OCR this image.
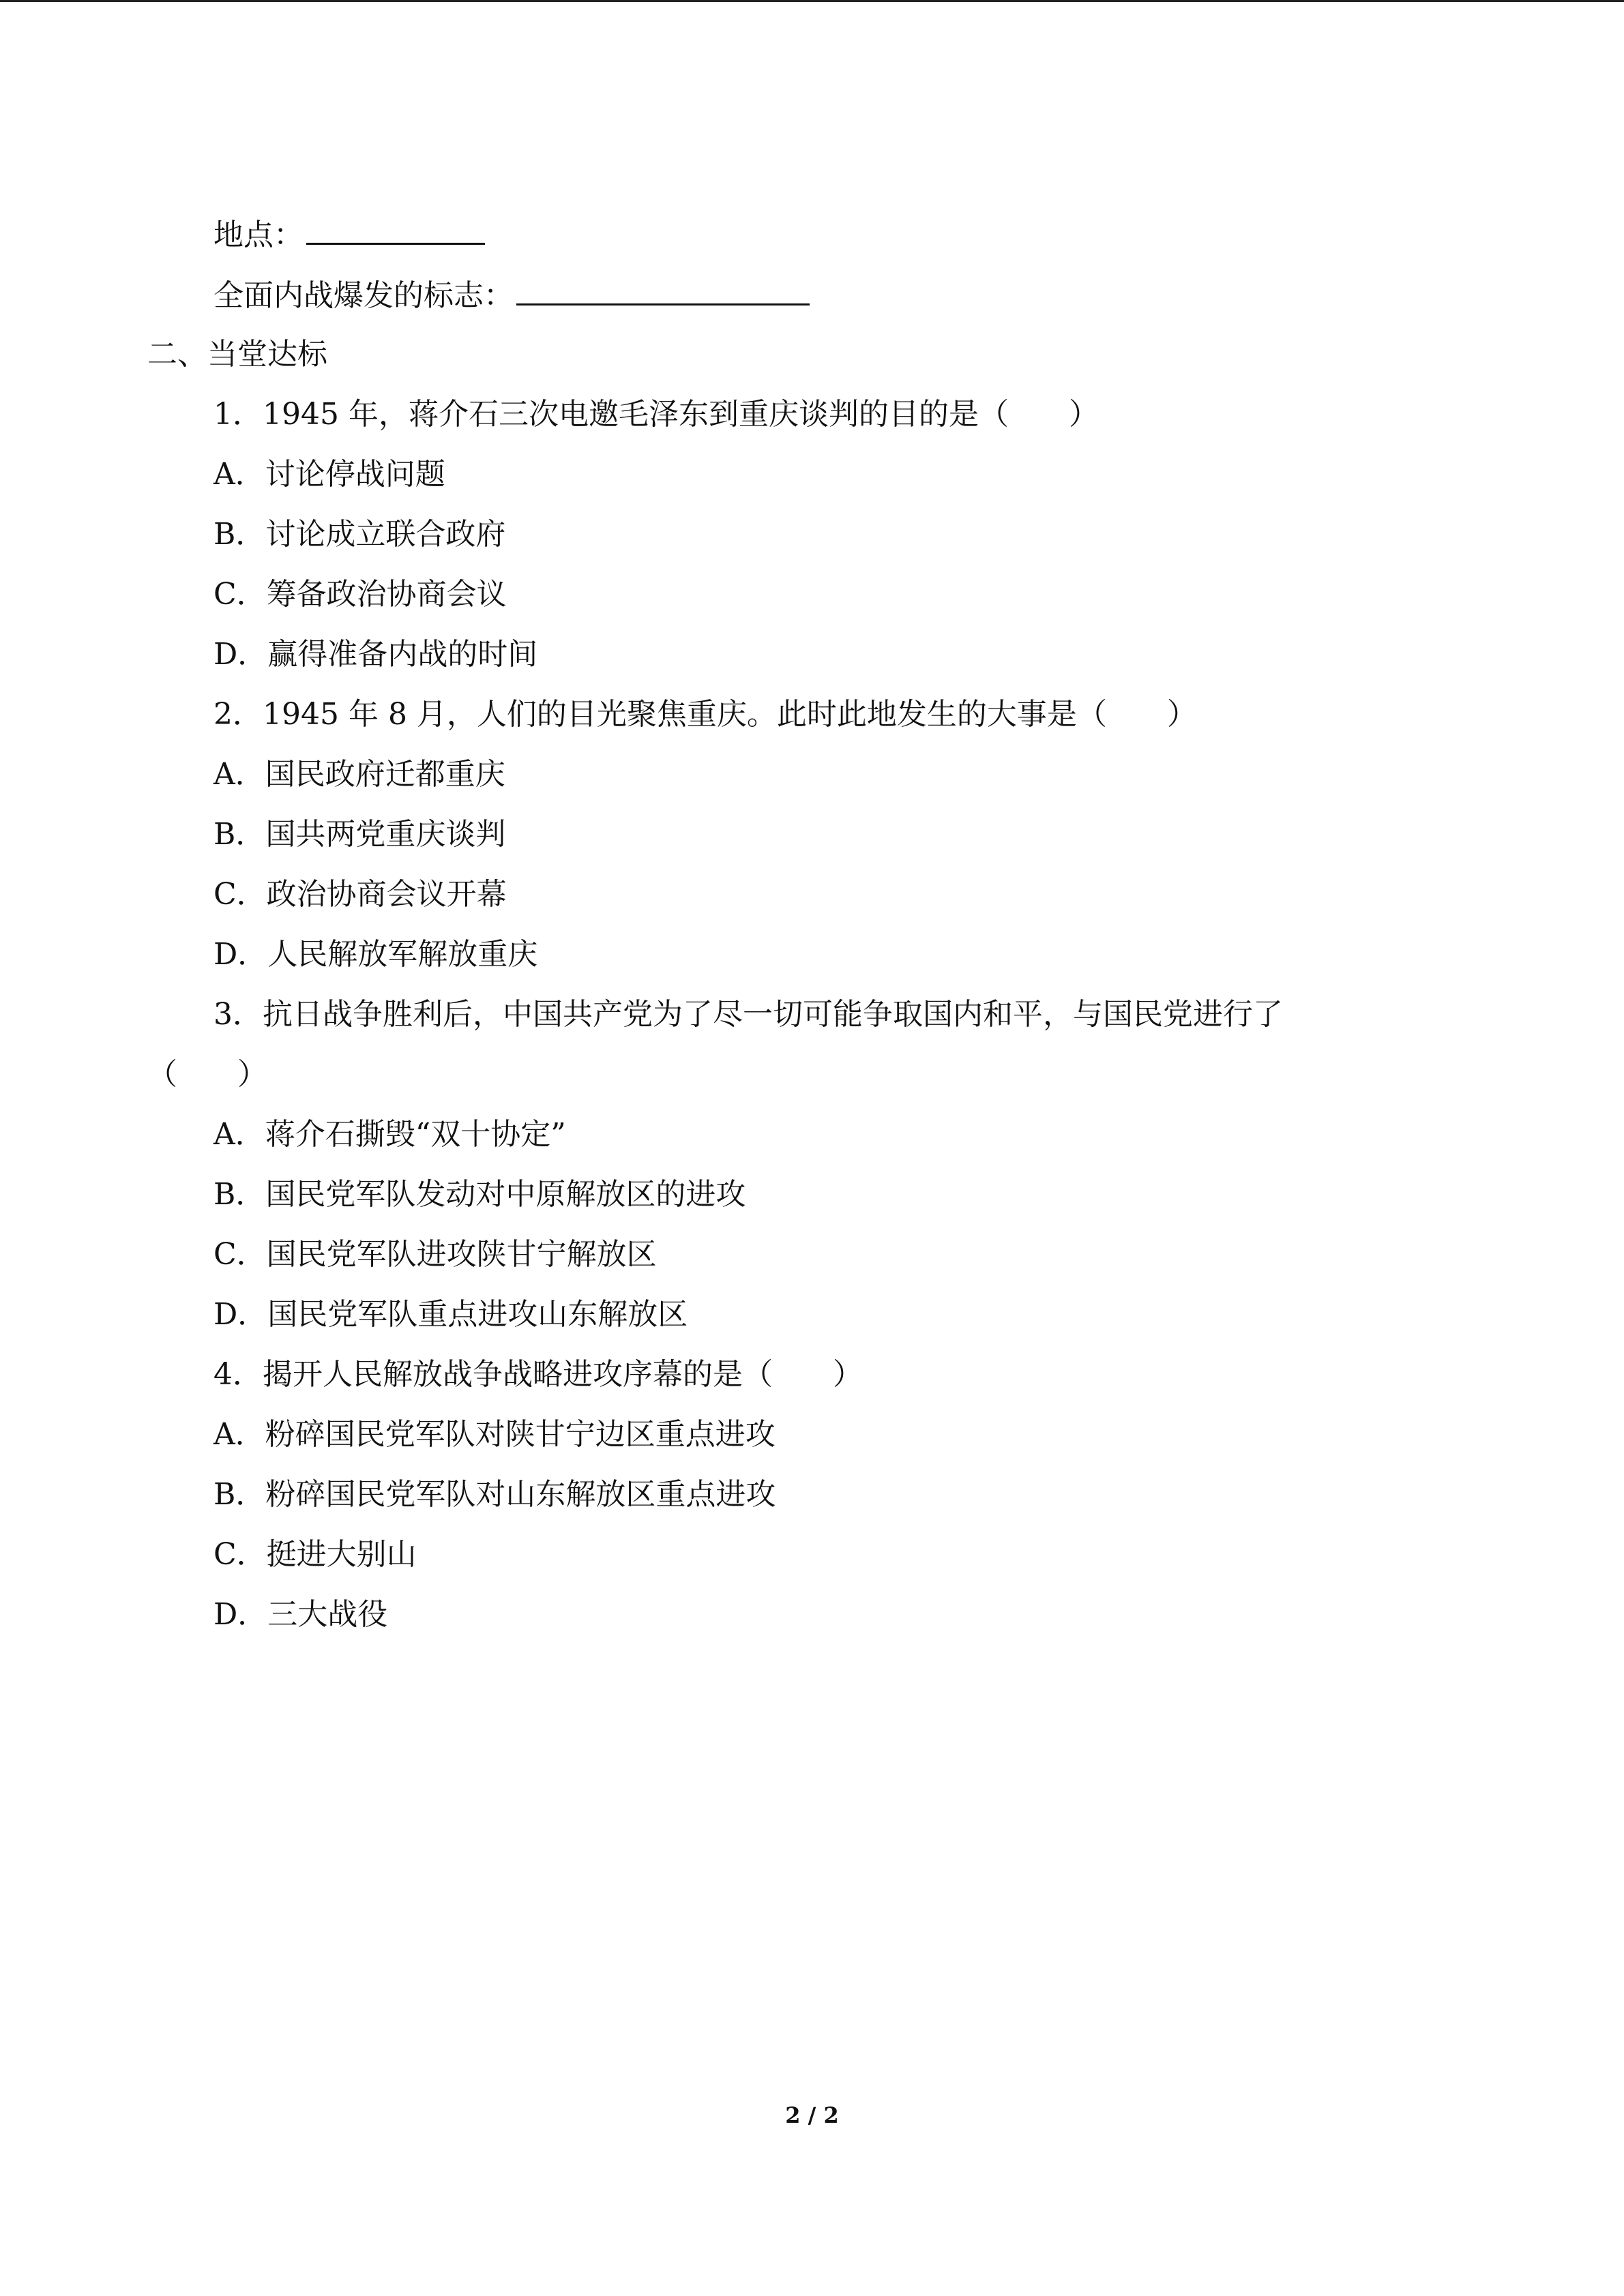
地点：
全面内战爆发的标志：
二、当堂达标
1．1945 年，蒋介石三次电邀毛泽东到重庆谈判的目的是（　　）
A．讨论停战问题
B．讨论成立联合政府
C．筹备政治协商会议
D．赢得准备内战的时间
2．1945 年 8 月，人们的目光聚焦重庆。此时此地发生的大事是（　　）
A．国民政府迁都重庆
B．国共两党重庆谈判
C．政治协商会议开幕
D．人民解放军解放重庆
3．抗日战争胜利后，中国共产党为了尽一切可能争取国内和平，与国民党进行了
（　　）
A．蒋介石撕毁“双十协定”
B．国民党军队发动对中原解放区的进攻
C．国民党军队进攻陕甘宁解放区
D．国民党军队重点进攻山东解放区
4．揭开人民解放战争战略进攻序幕的是（　　）
A．粉碎国民党军队对陕甘宁边区重点进攻
B．粉碎国民党军队对山东解放区重点进攻
C．挺进大别山
D．三大战役
2 / 2
